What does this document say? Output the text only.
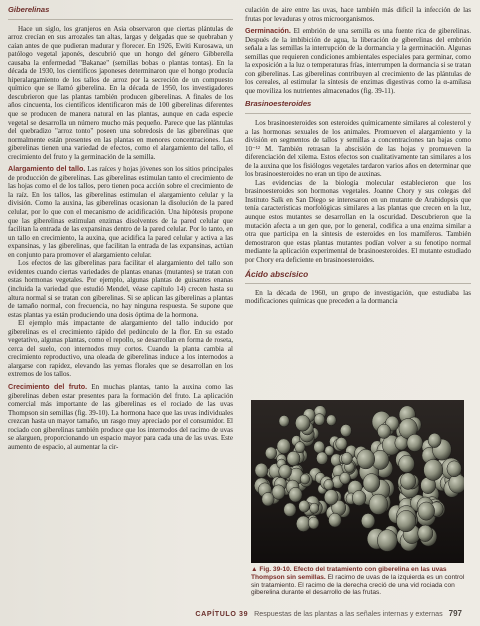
Giberelinas

Hace un siglo, los granjeros en Asia observaron que ciertas plántulas de arroz crecían en sus arrozales tan altas, largas y delgadas que se quebraban y caían antes de que pudieran madurar y florecer. En 1926, Ewiti Kurosawa, un patólogo vegetal japonés, descubrió que un hongo del género Gibberella causaba la enfermedad "Bakanae" (semillas bobas o plantas tontas). En la década de 1930, los científicos japoneses determinaron que el hongo producía hiperalargamiento de los tallos de arroz por la secreción de un compuesto químico que se llamó giberelina. En la década de 1950, los investigadores descubrieron que las plantas también producen giberelinas. A finales de los años cincuenta, los científicos identificaron más de 100 giberelinas diferentes que se producen de manera natural en las plantas, aunque en cada especie vegetal se desarrolla un número mucho más pequeño. Parece que las plántulas del quebradizo "arroz tonto" poseen una sobredosis de las giberelinas que normalmente están presentes en las plantas en menores concentraciones. Las giberelinas tienen una variedad de efectos, como el alargamiento del tallo, el crecimiento del fruto y la germinación de la semilla.

Alargamiento del tallo. Las raíces y hojas jóvenes son los sitios principales de producción de giberelinas. Las giberelinas estimulan tanto el crecimiento de las hojas como el de los tallos, pero tienen poca acción sobre el crecimiento de la raíz. En los tallos, las giberelinas estimulan el alargamiento celular y la división. Como la auxina, las giberelinas ocasionan la disolución de la pared celular, por lo que con el mecanismo de acidificación. Una hipótesis propone que las giberelinas estimulan enzimas disolventes de la pared celular que facilitan la entrada de las expansinas dentro de la pared celular. Por lo tanto, en un tallo en crecimiento, la auxina, que acidifica la pared celular y activa a las expansinas, y las giberelinas, que facilitan la entrada de las expansinas, actúan en conjunto para promover el alargamiento celular.

Los efectos de las giberelinas para facilitar el alargamiento del tallo son evidentes cuando ciertas variedades de plantas enanas (mutantes) se tratan con estas hormonas vegetales. Por ejemplo, algunas plantas de guisantes enanas (incluida la variedad que estudió Mendel, véase capítulo 14) crecen hasta su altura normal si se tratan con giberelinas. Si se aplican las giberelinas a plantas de tamaño normal, con frecuencia, no hay ninguna respuesta. Se supone que estas plantas ya están produciendo una dosis óptima de la hormona.

El ejemplo más impactante de alargamiento del tallo inducido por giberelinas es el crecimiento rápido del pedúnculo de la flor. En su estado vegetativo, algunas plantas, como el repollo, se desarrollan en forma de roseta, cerca del suelo, con internodos muy cortos. Cuando la planta cambia al crecimiento reproductivo, una oleada de giberelinas induce a los internodos a alargarse con rapidez, elevando las yemas florales que se desarrollan en los extremos de los tallos.

Crecimiento del fruto. En muchas plantas, tanto la auxina como las giberelinas deben estar presentes para la formación del fruto. La aplicación comercial más importante de las giberelinas es el rociado de las uvas Thompson sin semillas (fig. 39-10). La hormona hace que las uvas individuales crezcan hasta un mayor tamaño, un rasgo muy apreciado por el consumidor. El rociado con giberelinas también produce que los internodos del racimo de uvas se alarguen, proporcionando un espacio mayor para cada una de las uvas. Este aumento de espacio, al aumentar la cir-

culación de aire entre las uvas, hace también más difícil la infección de las frutas por levaduras y otros microorganismos.

Germinación. El embrión de una semilla es una fuente rica de giberelinas. Después de la imbibición de agua, la liberación de giberelinas del embrión señala a las semillas la interrupción de la dormancia y la germinación. Algunas semillas que requieren condiciones ambientales especiales para germinar, como la exposición a la luz o temperaturas frías, interrumpen la dormancia si se tratan con giberelinas. Las giberelinas contribuyen al crecimiento de las plántulas de los cereales, al estimular la síntesis de enzimas digestivas como la α-amilasa que moviliza los nutrientes almacenados (fig. 39-11).

Brasinoesteroides

Los brasinoesteroides son esteroides químicamente similares al colesterol y a las hormonas sexuales de los animales. Promueven el alargamiento y la división en segmentos de tallos y semillas a concentraciones tan bajas como 10⁻¹² M. También retrasan la abscisión de las hojas y promueven la diferenciación del xilema. Estos efectos son cualitativamente tan similares a los de la auxina que los fisiólogos vegetales tardaron varios años en determinar que los brasinoesteroides no eran un tipo de auxinas.

Las evidencias de la biología molecular establecieron que los brasinoesteroides son hormonas vegetales. Joanne Chory y sus colegas del Instituto Salk en San Diego se interesaron en un mutante de Arabidopsis que tenía características morfológicas similares a las plantas que crecen en la luz, aunque estos mutantes se desarrollan en la oscuridad. Descubrieron que la mutación afecta a un gen que, por lo general, codifica a una enzima similar a otra que participa en la síntesis de esteroides en los mamíferos. También demostraron que estas plantas mutantes podían volver a su fenotipo normal mediante la aplicación experimental de brasinoesteroides. El mutante estudiado por Chory era deficiente en brasinoesteroides.

Ácido abscísico

En la década de 1960, un grupo de investigación, que estudiaba las modificaciones químicas que preceden a la dormancia

▲ Fig. 39-10. Efecto del tratamiento con giberelina en las uvas Thompson sin semillas. El racimo de uvas de la izquierda es un control sin tratamiento. El racimo de la derecha creció de una vid rociada con giberelina durante el desarrollo de las frutas.
CAPÍTULO 39 Respuestas de las plantas a las señales internas y externas 797
